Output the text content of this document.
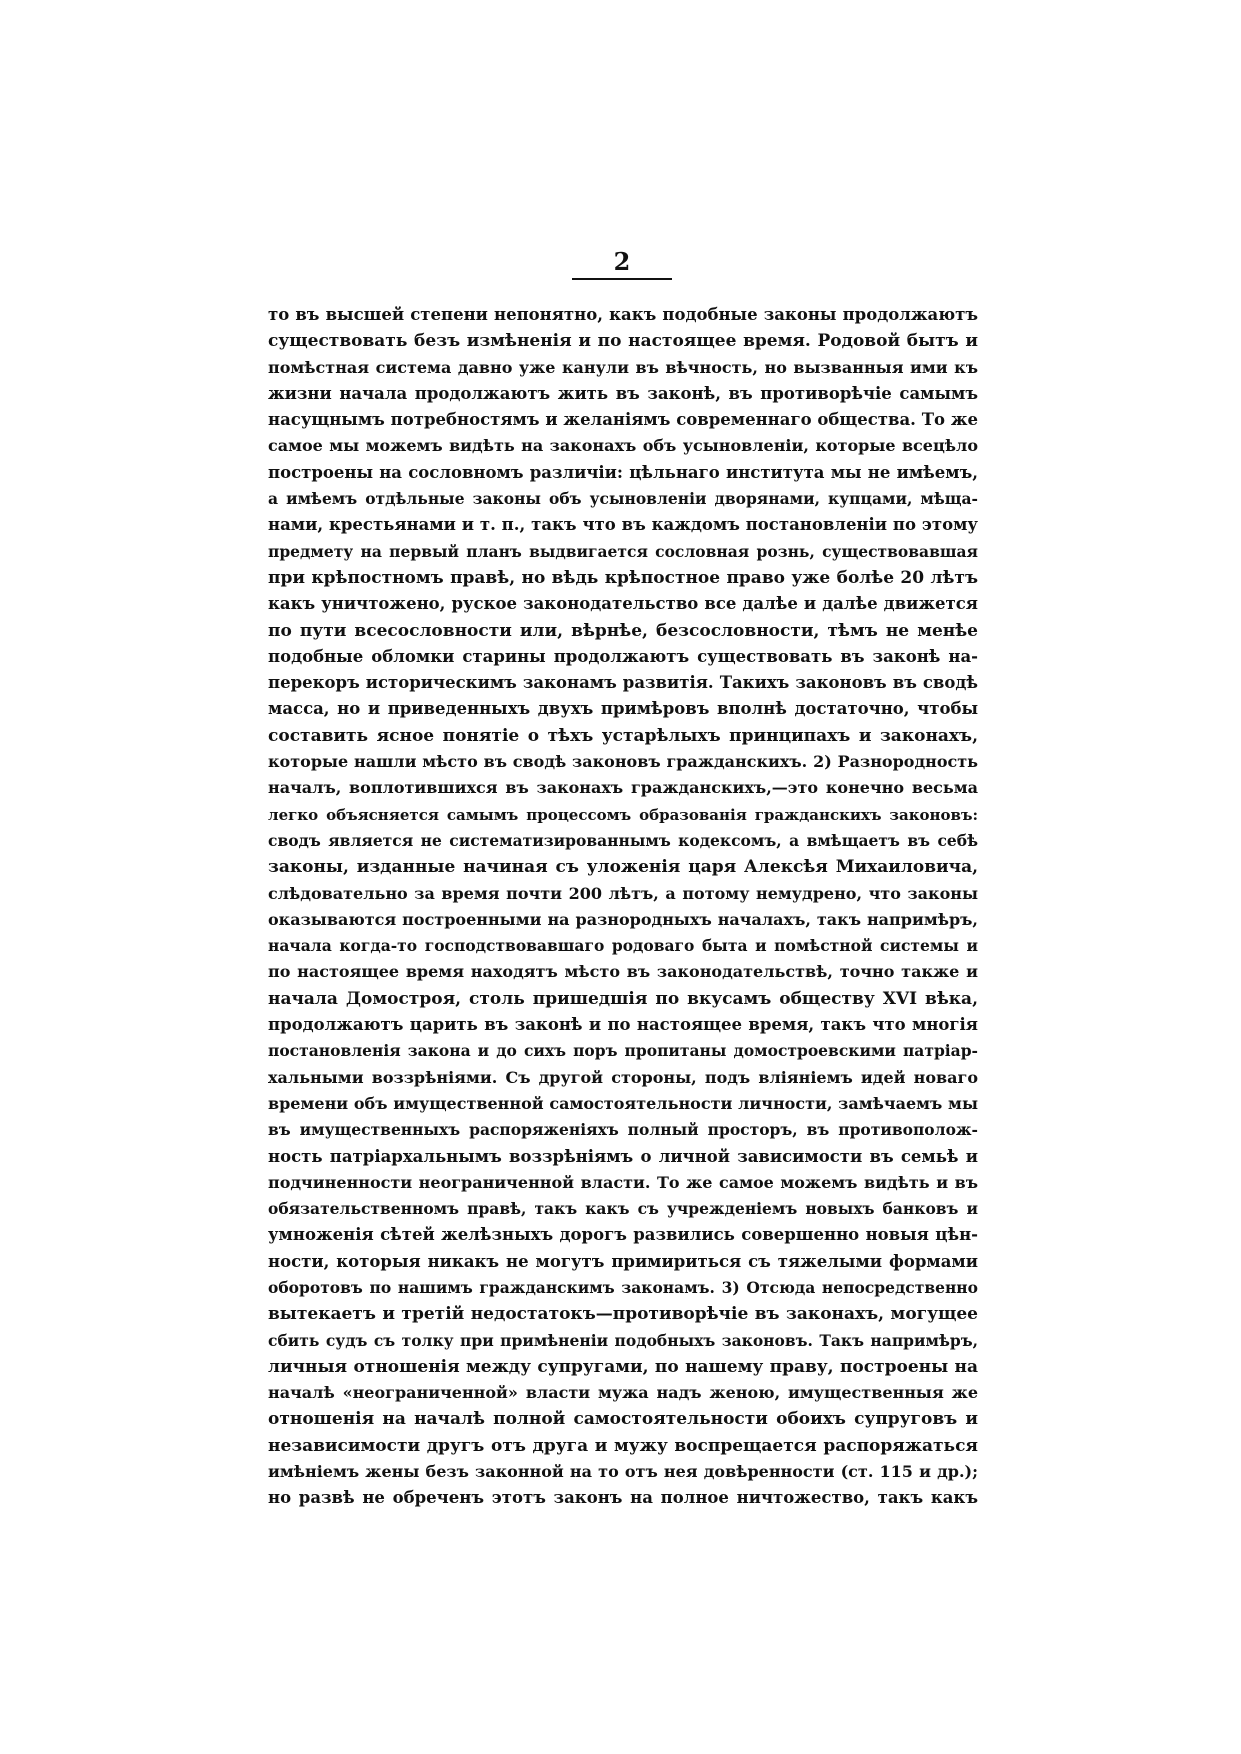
2
то въ высшей степени непонятно, какъ подобные законы продолжаютъ
существовать безъ измѣненія и по настоящее время. Родовой бытъ и
помѣстная система давно уже канули въ вѣчность, но вызванныя ими къ
жизни начала продолжаютъ жить въ законѣ, въ противорѣчіе самымъ
насущнымъ потребностямъ и желаніямъ современнаго общества. То же
самое мы можемъ видѣть на законахъ объ усыновленіи, которые всецѣло
построены на сословномъ различіи: цѣльнаго института мы не имѣемъ,
а имѣемъ отдѣльные законы объ усыновленіи дворянами, купцами, мѣща-
нами, крестьянами и т. п., такъ что въ каждомъ постановленіи по этому
предмету на первый планъ выдвигается сословная рознь, существовавшая
при крѣпостномъ правѣ, но вѣдь крѣпостное право уже болѣе 20 лѣтъ
какъ уничтожено, руское законодательство все далѣе и далѣе движется
по пути всесословности или, вѣрнѣе, безсословности, тѣмъ не менѣе
подобные обломки старины продолжаютъ существовать въ законѣ на-
перекоръ историческимъ законамъ развитія. Такихъ законовъ въ сводѣ
масса, но и приведенныхъ двухъ примѣровъ вполнѣ достаточно, чтобы
составить ясное понятіе о тѣхъ устарѣлыхъ принципахъ и законахъ,
которые нашли мѣсто въ сводѣ законовъ гражданскихъ. 2) Разнородность
началъ, воплотившихся въ законахъ гражданскихъ,—это конечно весьма
легко объясняется самымъ процессомъ образованія гражданскихъ законовъ:
сводъ является не систематизированнымъ кодексомъ, а вмѣщаетъ въ себѣ
законы, изданные начиная съ уложенія царя Алексѣя Михаиловича,
слѣдовательно за время почти 200 лѣтъ, а потому немудрено, что законы
оказываются построенными на разнородныхъ началахъ, такъ напримѣръ,
начала когда-то господствовавшаго родоваго быта и помѣстной системы и
по настоящее время находятъ мѣсто въ законодательствѣ, точно также и
начала Домостроя, столь пришедшія по вкусамъ обществу XVI вѣка,
продолжаютъ царить въ законѣ и по настоящее время, такъ что многія
постановленія закона и до сихъ поръ пропитаны домостроевскими патріар-
хальными воззрѣніями. Съ другой стороны, подъ вліяніемъ идей новаго
времени объ имущественной самостоятельности личности, замѣчаемъ мы
въ имущественныхъ распоряженіяхъ полный просторъ, въ противополож-
ность патріархальнымъ воззрѣніямъ о личной зависимости въ семьѣ и
подчиненности неограниченной власти. То же самое можемъ видѣть и въ
обязательственномъ правѣ, такъ какъ съ учрежденіемъ новыхъ банковъ и
умноженія сѣтей желѣзныхъ дорогъ развились совершенно новыя цѣн-
ности, которыя никакъ не могутъ примириться съ тяжелыми формами
оборотовъ по нашимъ гражданскимъ законамъ. 3) Отсюда непосредственно
вытекаетъ и третій недостатокъ—противорѣчіе въ законахъ, могущее
сбить судъ съ толку при примѣненіи подобныхъ законовъ. Такъ напримѣръ,
личныя отношенія между супругами, по нашему праву, построены на
началѣ «неограниченной» власти мужа надъ женою, имущественныя же
отношенія на началѣ полной самостоятельности обоихъ супруговъ и
независимости другъ отъ друга и мужу воспрещается распоряжаться
имѣніемъ жены безъ законной на то отъ нея довѣренности (ст. 115 и др.);
но развѣ не обреченъ этотъ законъ на полное ничтожество, такъ какъ
